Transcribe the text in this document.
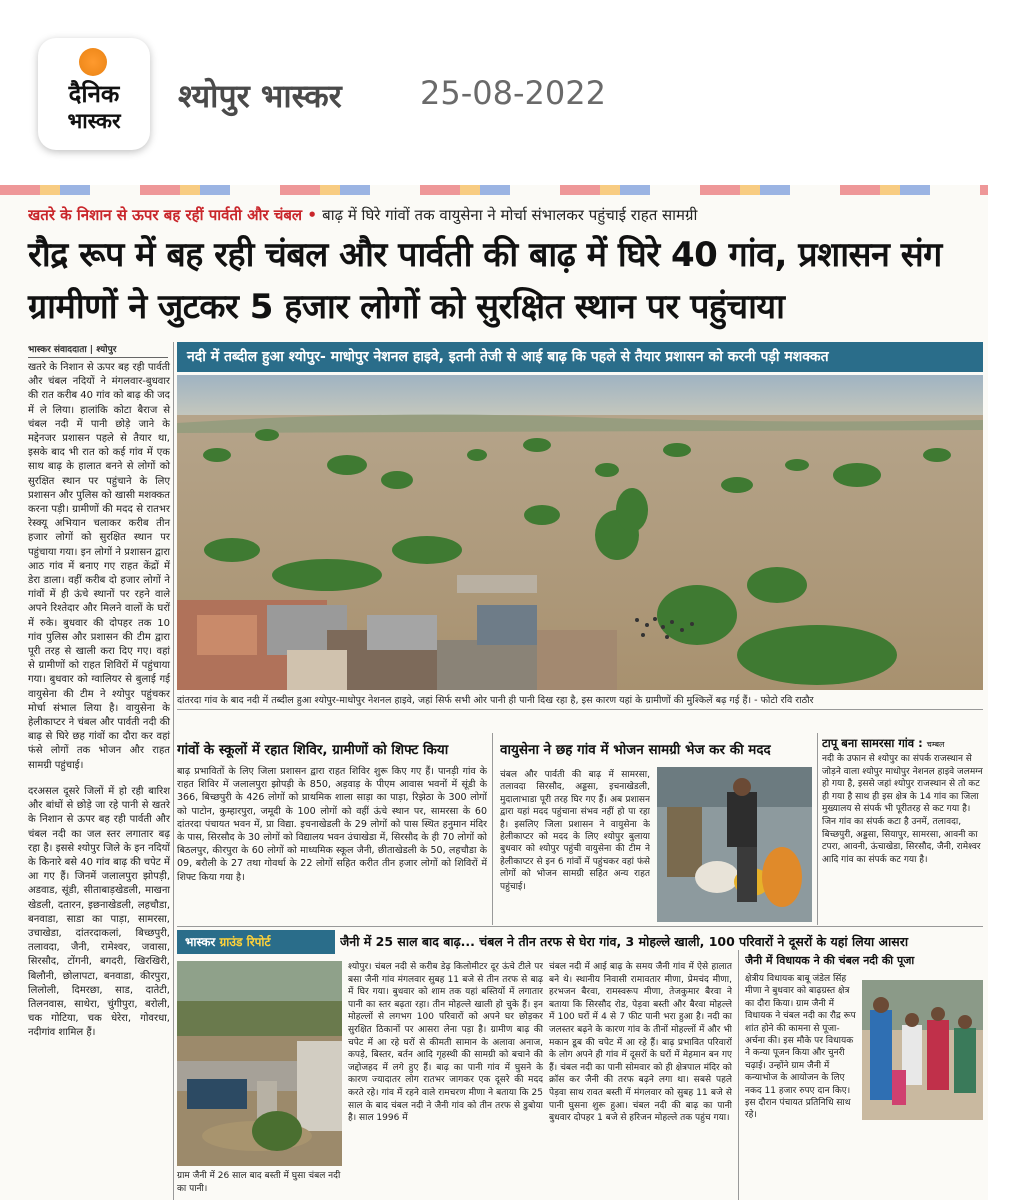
दैनिक
भास्कर
श्योपुर भास्कर 25-08-2022
खतरे के निशान से ऊपर बह रहीं पार्वती और चंबल • बाढ़ में घिरे गांवों तक वायुसेना ने मोर्चा संभालकर पहुंचाई राहत सामग्री
रौद्र रूप में बह रही चंबल और पार्वती की बाढ़ में घिरे 40 गांव, प्रशासन संग ग्रामीणों ने जुटकर 5 हजार लोगों को सुरक्षित स्थान पर पहुंचाया
भास्कर संवाददाता | श्योपुर

खतरे के निशान से ऊपर बह रही पार्वती और चंबल नदियों ने मंगलवार-बुधवार की रात करीब 40 गांव को बाढ़ की जद में ले लिया। हालांकि कोटा बैराज से चंबल नदी में पानी छोड़े जाने के मद्देनजर प्रशासन पहले से तैयार था, इसके बाद भी रात को कई गांव में एक साथ बाढ़ के हालात बनने से लोगों को सुरक्षित स्थान पर पहुंचाने के लिए प्रशासन और पुलिस को खासी मशक्कत करना पड़ी। ग्रामीणों की मदद से रातभर रेस्क्यू अभियान चलाकर करीब तीन हजार लोगों को सुरक्षित स्थान पर पहुंचाया गया। इन लोगों ने प्रशासन द्वारा आठ गांव में बनाए गए राहत केंद्रों में डेरा डाला। वहीं करीब दो हजार लोगों ने गांवों में ही ऊंचे स्थानों पर रहने वाले अपने रिश्तेदार और मिलने वालों के घरों में रुके। बुधवार की दोपहर तक 10 गांव पुलिस और प्रशासन की टीम द्वारा पूरी तरह से खाली करा दिए गए। वहां से ग्रामीणों को राहत शिविरों में पहुंचाया गया। बुधवार को ग्वालियर से बुलाई गई वायुसेना की टीम ने श्योपुर पहुंचकर मोर्चा संभाल लिया है। वायुसेना के हेलीकाप्टर ने चंबल और पार्वती नदी की बाढ़ से घिरे छह गांवों का दौरा कर वहां फंसे लोगों तक भोजन और राहत सामग्री पहुंचाई।

दरअसल दूसरे जिलों में हो रही बारिश और बांधों से छोड़े जा रहे पानी से खतरे के निशान से ऊपर बह रही पार्वती और चंबल नदी का जल स्तर लगातार बढ़ रहा है। इससे श्योपुर जिले के इन नदियों के किनारे बसे 40 गांव बाढ़ की चपेट में आ गए हैं। जिनमें जलालपुरा झोपड़ी, अडवाड, सूंडी, सीताबाड़खेडली, माखना खेडली, दतारन, इछनाखेडली, लहचौडा, बनवाडा, साडा का पाड़ा, सामरसा, उचाखेडा, दांतरदाकलां, बिच्छपुरी, तलावदा, जैनी, रामेश्वर, जवासा, सिरसौद, टोंगनी, बगदरी, खिरखिरी, बिलौनी, छोलापटा, बनवाडा, कीरपुरा, लिलोली, दिमरछा, साड, दातेटी, तिलनवास, साथेरा, चुंगीपुरा, बरोली, चक गोटिया, चक धेरेरा, गोवरधा, नदीगांव शामिल हैं।

नदी में तब्दील हुआ श्योपुर- माधोपुर नेशनल हाइवे, इतनी तेजी से आई बाढ़ कि पहले से तैयार प्रशासन को करनी पड़ी मशक्कत
दांतरदा गांव के बाद नदी में तब्दील हुआ श्योपुर-माधोपुर नेशनल हाइवे, जहां सिर्फ सभी ओर पानी ही पानी दिख रहा है, इस कारण यहां के ग्रामीणों की मुश्किलें बढ़ गई हैं। - फोटो रवि राठौर
गांवों के स्कूलों में रहात शिविर, ग्रामीणों को शिफ्ट किया
बाढ़ प्रभावितों के लिए जिला प्रशासन द्वारा राहत शिविर शुरू किए गए हैं। पानड़ी गांव के राहत शिविर में जलालपुरा झोपड़ी के 850, अड़वाड़ के पीएम आवास भवनों में सूंडी के 366, बिच्छपुरी के 426 लोगों को प्राथमिक शाला साड़ा का पाड़ा, रिझेठा के 300 लोगों को पाटोन, कुम्हारपुरा, जमूदी के 100 लोगों को वहीं ऊंचे स्थान पर, सामरसा के 60 दांतरदा पंचायत भवन में, प्रा विद्या. इचनाखेडली के 29 लोगों को पास स्थित हनुमान मंदिर के पास, सिरसौद के 30 लोगों को विद्यालय भवन उंचाखेडा में, सिरसौद के ही 70 लोगों को बिठलपुर, कीरपुरा के 60 लोगों को माध्यमिक स्कूल जैनी, छीताखेडली के 50, लहचौडा के 09, बरौली के 27 तथा गोवर्धा के 22 लोगों सहित करीत तीन हजार लोगों को शिविरों में शिफ्ट किया गया है।
वायुसेना ने छह गांव में भोजन सामग्री भेज कर की मदद
चंबल और पार्वती की बाढ़ में सामरसा, तलावदा सिरसौद, अड्डसा, इचनाखेडली, मुदालाभाडा पूरी तरह घिर गए हैं। अब प्रशासन द्वारा यहां मदद पहुंचाना संभव नहीं हो पा रहा है। इसलिए जिला प्रशासन ने वायुसेना के हेलीकाप्टर को मदद के लिए श्योपुर बुलाया बुधवार को श्योपुर पहुंची वायुसेना की टीम ने हेलीकाप्टर से इन 6 गांवों में पहुंचकर वहां फंसे लोगों को भोजन सामग्री सहित अन्य राहत पहुंचाई।
टापू बना सामरसा गांव : चम्बल
नदी के उफान से श्योपुर का संपर्क राजस्थान से जोड़ने वाला श्योपुर माधोपुर नेशनल हाइवे जलमग्न हो गया है, इससे जहां श्योपुर राजस्थान से तो कट ही गया है साथ ही इस क्षेत्र के 14 गांव का जिला मुख्यालय से संपर्क भी पूरीतरह से कट गया है। जिन गांव का संपर्क कटा है उनमें, तलावदा, बिच्छपुरी, अड्डसा, सियापुर, सामरसा, आवनी का टपरा, आवनी, ऊंचाखेडा, सिरसौद, जैनी, रामेश्वर आदि गांव का संपर्क कट गया है।
भास्कर ग्राउंड रिपोर्ट	जैनी में 25 साल बाद बाढ़... चंबल ने तीन तरफ से घेरा गांव, 3 मोहल्ले खाली, 100 परिवारों ने दूसरों के यहां लिया आसरा
ग्राम जैनी में 26 साल बाद बस्ती में घुसा चंबल नदी का पानी।
श्योपुर। चंबल नदी से करीब डेढ़ किलोमीटर दूर ऊंचे टीले पर बसा जैनी गांव मंगलवार सुबह 11 बजे से तीन तरफ से बाढ़ में घिर गया। बुधवार को शाम तक यहां बस्तियों में लगातार पानी का स्तर बढ़ता रहा। तीन मोहल्ले खाली हो चुके हैं। इन मोहल्लों से लगभग 100 परिवारों को अपने घर छोड़कर सुरक्षित ठिकानों पर आसरा लेना पड़ा है। ग्रामीण बाढ़ की चपेट में आ रहे घरों से कीमती सामान के अलावा अनाज, कपड़े, बिस्तर, बर्तन आदि गृहस्थी की सामग्री को बचाने की जद्दोजहद में लगे हुए हैं। बाढ़ का पानी गांव में घुसने के कारण ज्यादातर लोग रातभर जागकर एक दूसरे की मदद करते रहे। गांव में रहने वाले रामचरण मीणा ने बताया कि 25 साल के बाद चंबल नदी ने जैनी गांव को तीन तरफ से डुबोया है। साल 1996 में
चंबल नदी में आई बाढ़ के समय जैनी गांव में ऐसे हालात बने थे। स्थानीय निवासी रामावतार मीणा, प्रेमचंद मीणा, हरभजन बैरवा, रामस्वरूप मीणा, तेजकुमार बैरवा ने बताया कि सिरसौद रोड, पेड़वा बस्ती और बैरवा मोहल्ले में 100 घरों में 4 से 7 फीट पानी भरा हुआ है। नदी का जलस्तर बढ़ने के कारण गांव के तीनों मोहल्लों में और भी मकान डूब की चपेट में आ रहे हैं। बाढ़ प्रभावित परिवारों के लोग अपने ही गांव में दूसरों के घरों में मेहमान बन गए हैं। चंबल नदी का पानी सोमवार को ही क्षेत्रपाल मंदिर को क्रॉस कर जैनी की तरफ बढ़ने लगा था। सबसे पहले पेड़वा साथ रावत बस्ती में मंगलवार को सुबह 11 बजे से पानी घुसना शुरू हुआ। चंबल नदी की बाढ़ का पानी बुधवार दोपहर 1 बजे से हरिजन मोहल्ले तक पहुंच गया।
जैनी में विधायक ने की चंबल नदी की पूजा
क्षेत्रीय विधायक बाबू जंडेल सिंह मीणा ने बुधवार को बाढ़ग्रस्त क्षेत्र का दौरा किया। ग्राम जैनी में विधायक ने चंबल नदी का रौद्र रूप शांत होने की कामना से पूजा-अर्चना की। इस मौके पर विधायक ने कन्या पूजन किया और चुनरी चढ़ाई। उन्होंने ग्राम जैनी में कन्याभोज के आयोजन के लिए नकद 11 हजार रुपए दान किए। इस दौरान पंचायत प्रतिनिधि साथ रहे।
